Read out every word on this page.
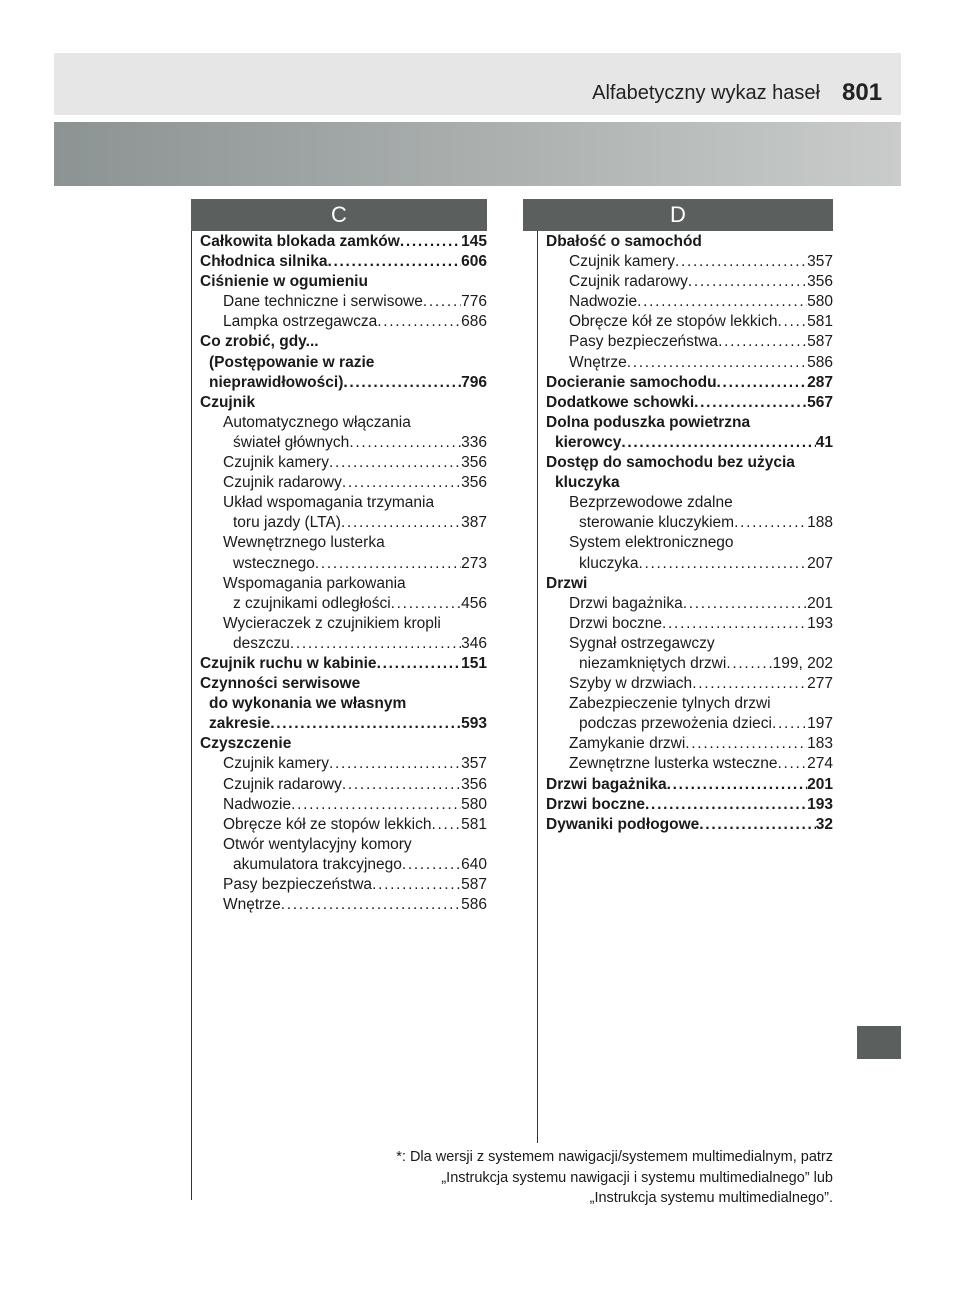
Alfabetyczny wykaz haseł 801
C	D
Całkowita blokada zamków . . .	145
Chłodnica silnika . . .	606
Ciśnienie w ogumieniu
Dane techniczne i serwisowe . . . 776
Lampka ostrzegawcza . . .	686
Co zrobić, gdy...
(Postępowanie w razie
nieprawidłowości) . . .	796
Czujnik
Automatycznego włączania
świateł głównych . . .	336
Czujnik kamery . . .	356
Czujnik radarowy . . .	356
Układ wspomagania trzymania
toru jazdy (LTA) . . .	387
Wewnętrznego lusterka
wstecznego . . .	273
Wspomagania parkowania
z czujnikami odległości . . .	456
Wycieraczek z czujnikiem kropli
deszczu . . .	346
Czujnik ruchu w kabinie . . .	151
Czynności serwisowe
do wykonania we własnym
zakresie . . .	593
Czyszczenie
Czujnik kamery . . .	357
Czujnik radarowy . . .	356
Nadwozie . . .	580
Obręcze kół ze stopów lekkich . . . 581
Otwór wentylacyjny komory
akumulatora trakcyjnego . . .	640
Pasy bezpieczeństwa . . .	587
Wnętrze . . .	586
Dbałość o samochód
Czujnik kamery . . .	357
Czujnik radarowy . . .	356
Nadwozie . . .	580
Obręcze kół ze stopów lekkich . . . 581
Pasy bezpieczeństwa . . .	587
Wnętrze . . .	586
Docieranie samochodu . . .	287
Dodatkowe schowki . . .	567
Dolna poduszka powietrzna
kierowcy . . .	41
Dostęp do samochodu bez użycia
kluczyka
Bezprzewodowe zdalne
sterowanie kluczykiem . . .	188
System elektronicznego
kluczyka . . .	207
Drzwi
Drzwi bagażnika . . .	201
Drzwi boczne . . .	193
Sygnał ostrzegawczy
niezamkniętych drzwi . . .	199, 202
Szyby w drzwiach . . .	277
Zabezpieczenie tylnych drzwi
podczas przewożenia dzieci . . . 197
Zamykanie drzwi . . .	183
Zewnętrzne lusterka wsteczne . . . 274
Drzwi bagażnika . . .	201
Drzwi boczne . . .	193
Dywaniki podłogowe . . .	32
*: Dla wersji z systemem nawigacji/systemem multimedialnym, patrz
„Instrukcja systemu nawigacji i systemu multimedialnego” lub
„Instrukcja systemu multimedialnego”.
